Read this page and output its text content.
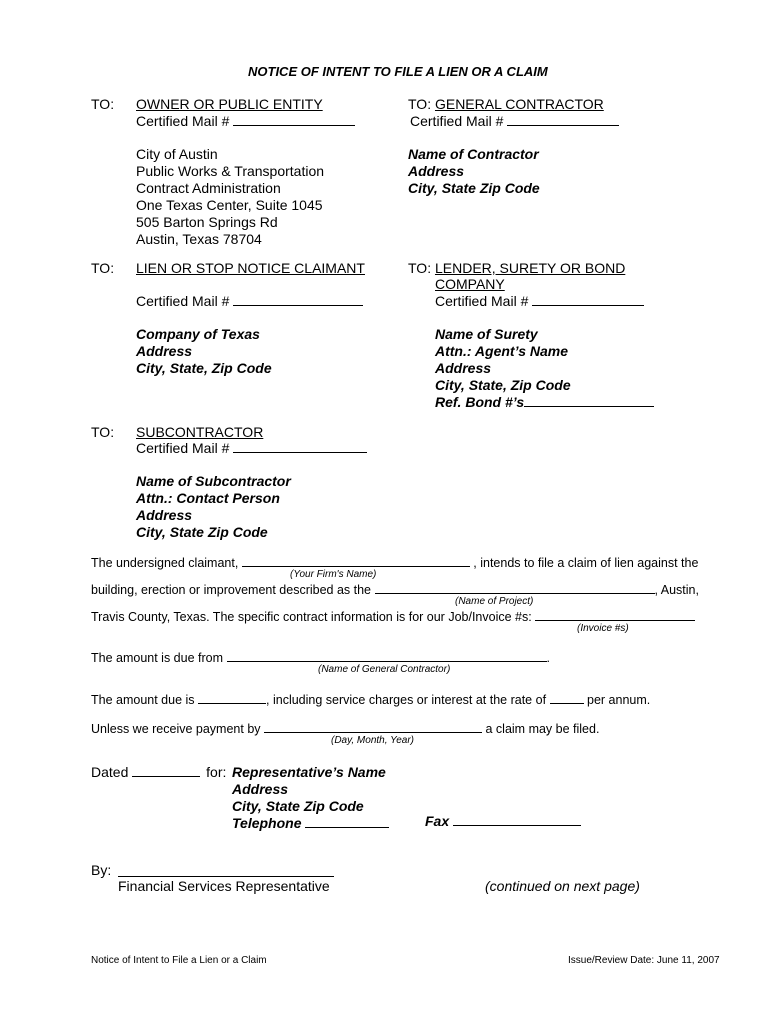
NOTICE OF INTENT TO FILE A LIEN OR A CLAIM
TO: OWNER OR PUBLIC ENTITY
Certified Mail #
City of Austin
Public Works & Transportation
Contract Administration
One Texas Center, Suite 1045
505 Barton Springs Rd
Austin, Texas 78704
TO: GENERAL CONTRACTOR
Certified Mail #
Name of Contractor
Address
City, State Zip Code
TO: LIEN OR STOP NOTICE CLAIMANT
Certified Mail #
Company of Texas
Address
City, State, Zip Code
TO: LENDER, SURETY OR BOND
COMPANY
Certified Mail #
Name of Surety
Attn.: Agent’s Name
Address
City, State, Zip Code
Ref. Bond #’s
TO: SUBCONTRACTOR
Certified Mail #
Name of Subcontractor
Attn.: Contact Person
Address
City, State Zip Code
The undersigned claimant,	, intends to file a claim of lien against the
(Your Firm's Name)
building, erection or improvement described as the	, Austin,
(Name of Project)
Travis County, Texas. The specific contract information is for our Job/Invoice #s:
(Invoice #s)
The amount is due from	.
(Name of General Contractor)
The amount due is	, including service charges or interest at the rate of	per annum.
Unless we receive payment by	a claim may be filed.
(Day, Month, Year)
Dated	for: Representative’s Name
Address
City, State Zip Code
Telephone	Fax
By:
Financial Services Representative	(continued on next page)
Notice of Intent to File a Lien or a Claim	Issue/Review Date: June 11, 2007
